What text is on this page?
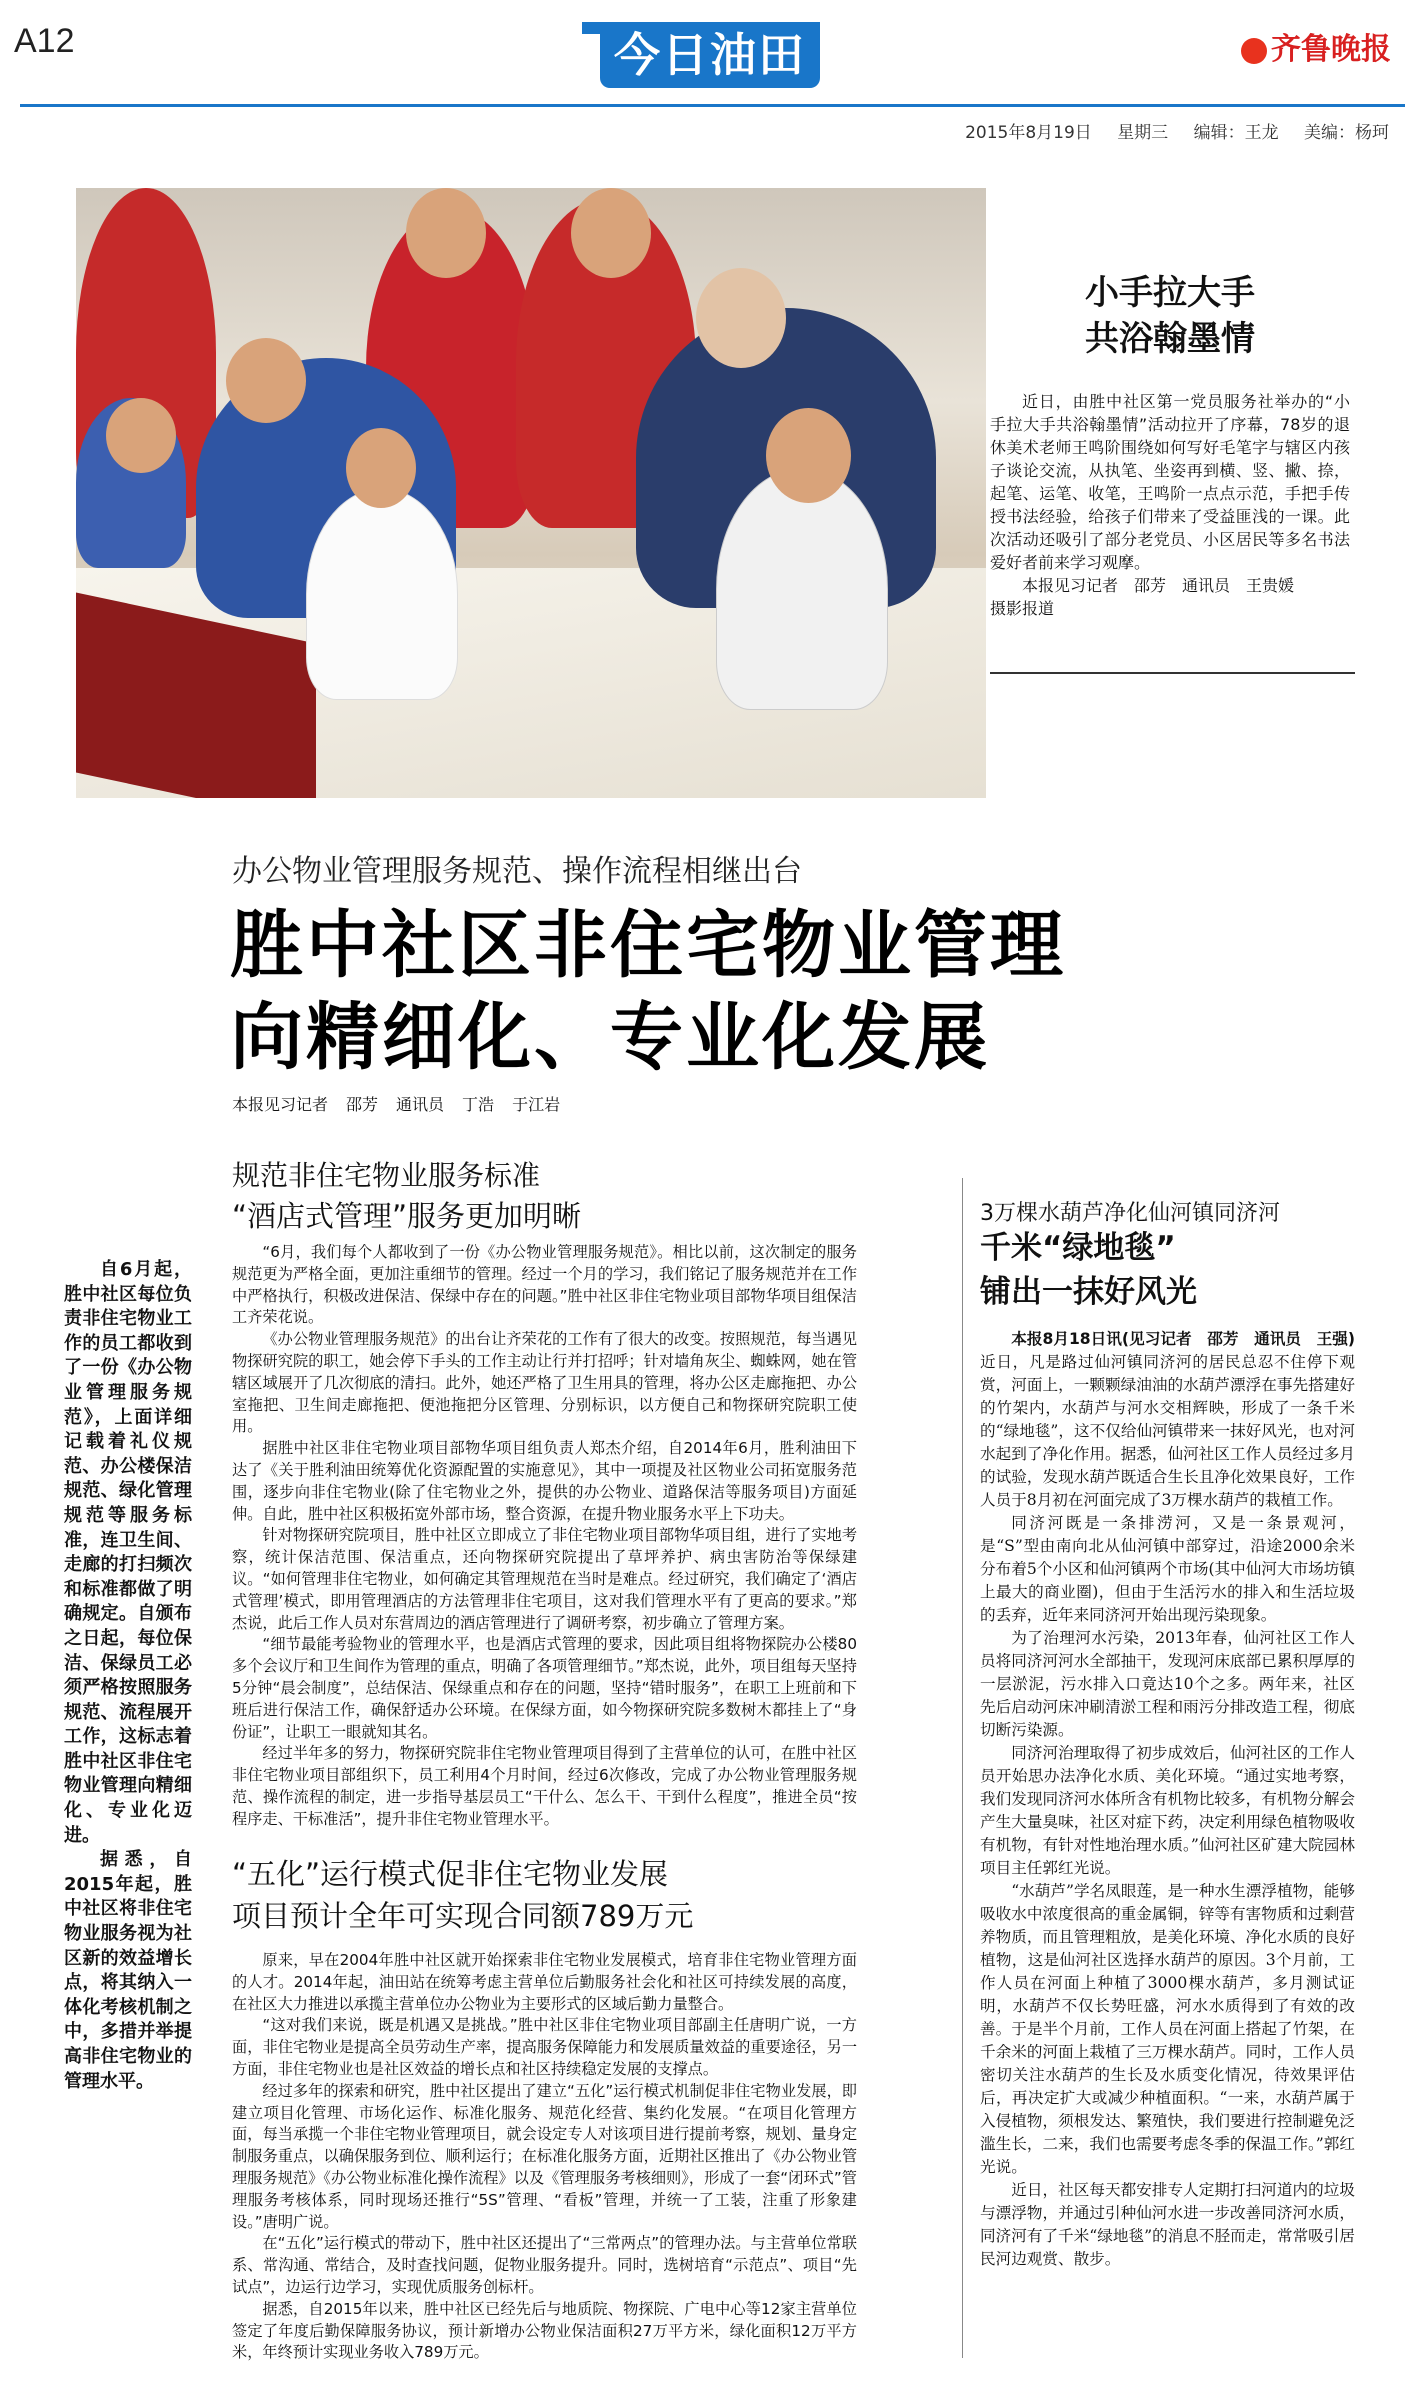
A12	今日油田	齐鲁晚报
2015年8月19日 星期三 编辑：王龙 美编：杨珂
小手拉大手
共浴翰墨情
近日，由胜中社区第一党员服务社举办的“小手拉大手共浴翰墨情”活动拉开了序幕，78岁的退休美术老师王鸣阶围绕如何写好毛笔字与辖区内孩子谈论交流，从执笔、坐姿再到横、竖、撇、捺，起笔、运笔、收笔，王鸣阶一点点示范，手把手传授书法经验，给孩子们带来了受益匪浅的一课。此次活动还吸引了部分老党员、小区居民等多名书法爱好者前来学习观摩。
本报见习记者　邵芳　通讯员　王贵媛
摄影报道
办公物业管理服务规范、操作流程相继出台
胜中社区非住宅物业管理
向精细化、专业化发展
本报见习记者 邵芳 通讯员 丁浩 于江岩
规范非住宅物业服务标准
“酒店式管理”服务更加明晰
自6月起，胜中社区每位负责非住宅物业工作的员工都收到了一份《办公物业管理服务规范》，上面详细记载着礼仪规范、办公楼保洁规范、绿化管理规范等服务标准，连卫生间、走廊的打扫频次和标准都做了明确规定。自颁布之日起，每位保洁、保绿员工必须严格按照服务规范、流程展开工作，这标志着胜中社区非住宅物业管理向精细化、专业化迈进。
据悉，自2015年起，胜中社区将非住宅物业服务视为社区新的效益增长点，将其纳入一体化考核机制之中，多措并举提高非住宅物业的管理水平。

“6月，我们每个人都收到了一份《办公物业管理服务规范》。相比以前，这次制定的服务规范更为严格全面，更加注重细节的管理。经过一个月的学习，我们铭记了服务规范并在工作中严格执行，积极改进保洁、保绿中存在的问题。”胜中社区非住宅物业项目部物华项目组保洁工齐荣花说。

《办公物业管理服务规范》的出台让齐荣花的工作有了很大的改变。按照规范，每当遇见物探研究院的职工，她会停下手头的工作主动让行并打招呼；针对墙角灰尘、蜘蛛网，她在管辖区域展开了几次彻底的清扫。此外，她还严格了卫生用具的管理，将办公区走廊拖把、办公室拖把、卫生间走廊拖把、便池拖把分区管理、分别标识，以方便自己和物探研究院职工使用。

据胜中社区非住宅物业项目部物华项目组负责人郑杰介绍，自2014年6月，胜利油田下达了《关于胜利油田统筹优化资源配置的实施意见》，其中一项提及社区物业公司拓宽服务范围，逐步向非住宅物业(除了住宅物业之外，提供的办公物业、道路保洁等服务项目)方面延伸。自此，胜中社区积极拓宽外部市场，整合资源，在提升物业服务水平上下功夫。

针对物探研究院项目，胜中社区立即成立了非住宅物业项目部物华项目组，进行了实地考察，统计保洁范围、保洁重点，还向物探研究院提出了草坪养护、病虫害防治等保绿建议。“如何管理非住宅物业，如何确定其管理规范在当时是难点。经过研究，我们确定了‘酒店式管理’模式，即用管理酒店的方法管理非住宅项目，这对我们管理水平有了更高的要求。”郑杰说，此后工作人员对东营周边的酒店管理进行了调研考察，初步确立了管理方案。

“细节最能考验物业的管理水平，也是酒店式管理的要求，因此项目组将物探院办公楼80多个会议厅和卫生间作为管理的重点，明确了各项管理细节。”郑杰说，此外，项目组每天坚持5分钟“晨会制度”，总结保洁、保绿重点和存在的问题，坚持“错时服务”，在职工上班前和下班后进行保洁工作，确保舒适办公环境。在保绿方面，如今物探研究院多数树木都挂上了“身份证”，让职工一眼就知其名。

经过半年多的努力，物探研究院非住宅物业管理项目得到了主营单位的认可，在胜中社区非住宅物业项目部组织下，员工利用4个月时间，经过6次修改，完成了办公物业管理服务规范、操作流程的制定，进一步指导基层员工“干什么、怎么干、干到什么程度”，推进全员“按程序走、干标准活”，提升非住宅物业管理水平。

“五化”运行模式促非住宅物业发展
项目预计全年可实现合同额789万元

原来，早在2004年胜中社区就开始探索非住宅物业发展模式，培育非住宅物业管理方面的人才。2014年起，油田站在统筹考虑主营单位后勤服务社会化和社区可持续发展的高度，在社区大力推进以承揽主营单位办公物业为主要形式的区域后勤力量整合。

“这对我们来说，既是机遇又是挑战。”胜中社区非住宅物业项目部副主任唐明广说，一方面，非住宅物业是提高全员劳动生产率，提高服务保障能力和发展质量效益的重要途径，另一方面，非住宅物业也是社区效益的增长点和社区持续稳定发展的支撑点。

经过多年的探索和研究，胜中社区提出了建立“五化”运行模式机制促非住宅物业发展，即建立项目化管理、市场化运作、标准化服务、规范化经营、集约化发展。“在项目化管理方面，每当承揽一个非住宅物业管理项目，就会设定专人对该项目进行提前考察，规划、量身定制服务重点，以确保服务到位、顺利运行；在标准化服务方面，近期社区推出了《办公物业管理服务规范》《办公物业标准化操作流程》以及《管理服务考核细则》，形成了一套“闭环式”管理服务考核体系，同时现场还推行“5S”管理、“看板”管理，并统一了工装，注重了形象建设。”唐明广说。

在“五化”运行模式的带动下，胜中社区还提出了“三常两点”的管理办法。与主营单位常联系、常沟通、常结合，及时查找问题，促物业服务提升。同时，选树培育“示范点”、项目“先试点”，边运行边学习，实现优质服务创标杆。

据悉，自2015年以来，胜中社区已经先后与地质院、物探院、广电中心等12家主营单位签定了年度后勤保障服务协议，预计新增办公物业保洁面积27万平方米，绿化面积12万平方米，年终预计实现业务收入789万元。

3万棵水葫芦净化仙河镇同济河
千米“绿地毯”
铺出一抹好风光

本报8月18日讯(见习记者　邵芳　通讯员　王强)近日，凡是路过仙河镇同济河的居民总忍不住停下观赏，河面上，一颗颗绿油油的水葫芦漂浮在事先搭建好的竹架内，水葫芦与河水交相辉映，形成了一条千米的“绿地毯”，这不仅给仙河镇带来一抹好风光，也对河水起到了净化作用。据悉，仙河社区工作人员经过多月的试验，发现水葫芦既适合生长且净化效果良好，工作人员于8月初在河面完成了3万棵水葫芦的栽植工作。

同济河既是一条排涝河，又是一条景观河，是“S”型由南向北从仙河镇中部穿过，沿途2000余米分布着5个小区和仙河镇两个市场(其中仙河大市场坊镇上最大的商业圈)，但由于生活污水的排入和生活垃圾的丢弃，近年来同济河开始出现污染现象。

为了治理河水污染，2013年春，仙河社区工作人员将同济河河水全部抽干，发现河床底部已累积厚厚的一层淤泥，污水排入口竟达10个之多。两年来，社区先后启动河床冲刷清淤工程和雨污分排改造工程，彻底切断污染源。

同济河治理取得了初步成效后，仙河社区的工作人员开始思办法净化水质、美化环境。“通过实地考察，我们发现同济河水体所含有机物比较多，有机物分解会产生大量臭味，社区对症下药，决定利用绿色植物吸收有机物，有针对性地治理水质。”仙河社区矿建大院园林项目主任郭红光说。

“水葫芦”学名凤眼莲，是一种水生漂浮植物，能够吸收水中浓度很高的重金属铜，锌等有害物质和过剩营养物质，而且管理粗放，是美化环境、净化水质的良好植物，这是仙河社区选择水葫芦的原因。3个月前，工作人员在河面上种植了3000棵水葫芦，多月测试证明，水葫芦不仅长势旺盛，河水水质得到了有效的改善。于是半个月前，工作人员在河面上搭起了竹架，在千余米的河面上栽植了三万棵水葫芦。同时，工作人员密切关注水葫芦的生长及水质变化情况，待效果评估后，再决定扩大或减少种植面积。“一来，水葫芦属于入侵植物，须根发达、繁殖快，我们要进行控制避免泛滥生长，二来，我们也需要考虑冬季的保温工作。”郭红光说。

近日，社区每天都安排专人定期打扫河道内的垃圾与漂浮物，并通过引种仙河水进一步改善同济河水质，同济河有了千米“绿地毯”的消息不胫而走，常常吸引居民河边观赏、散步。
